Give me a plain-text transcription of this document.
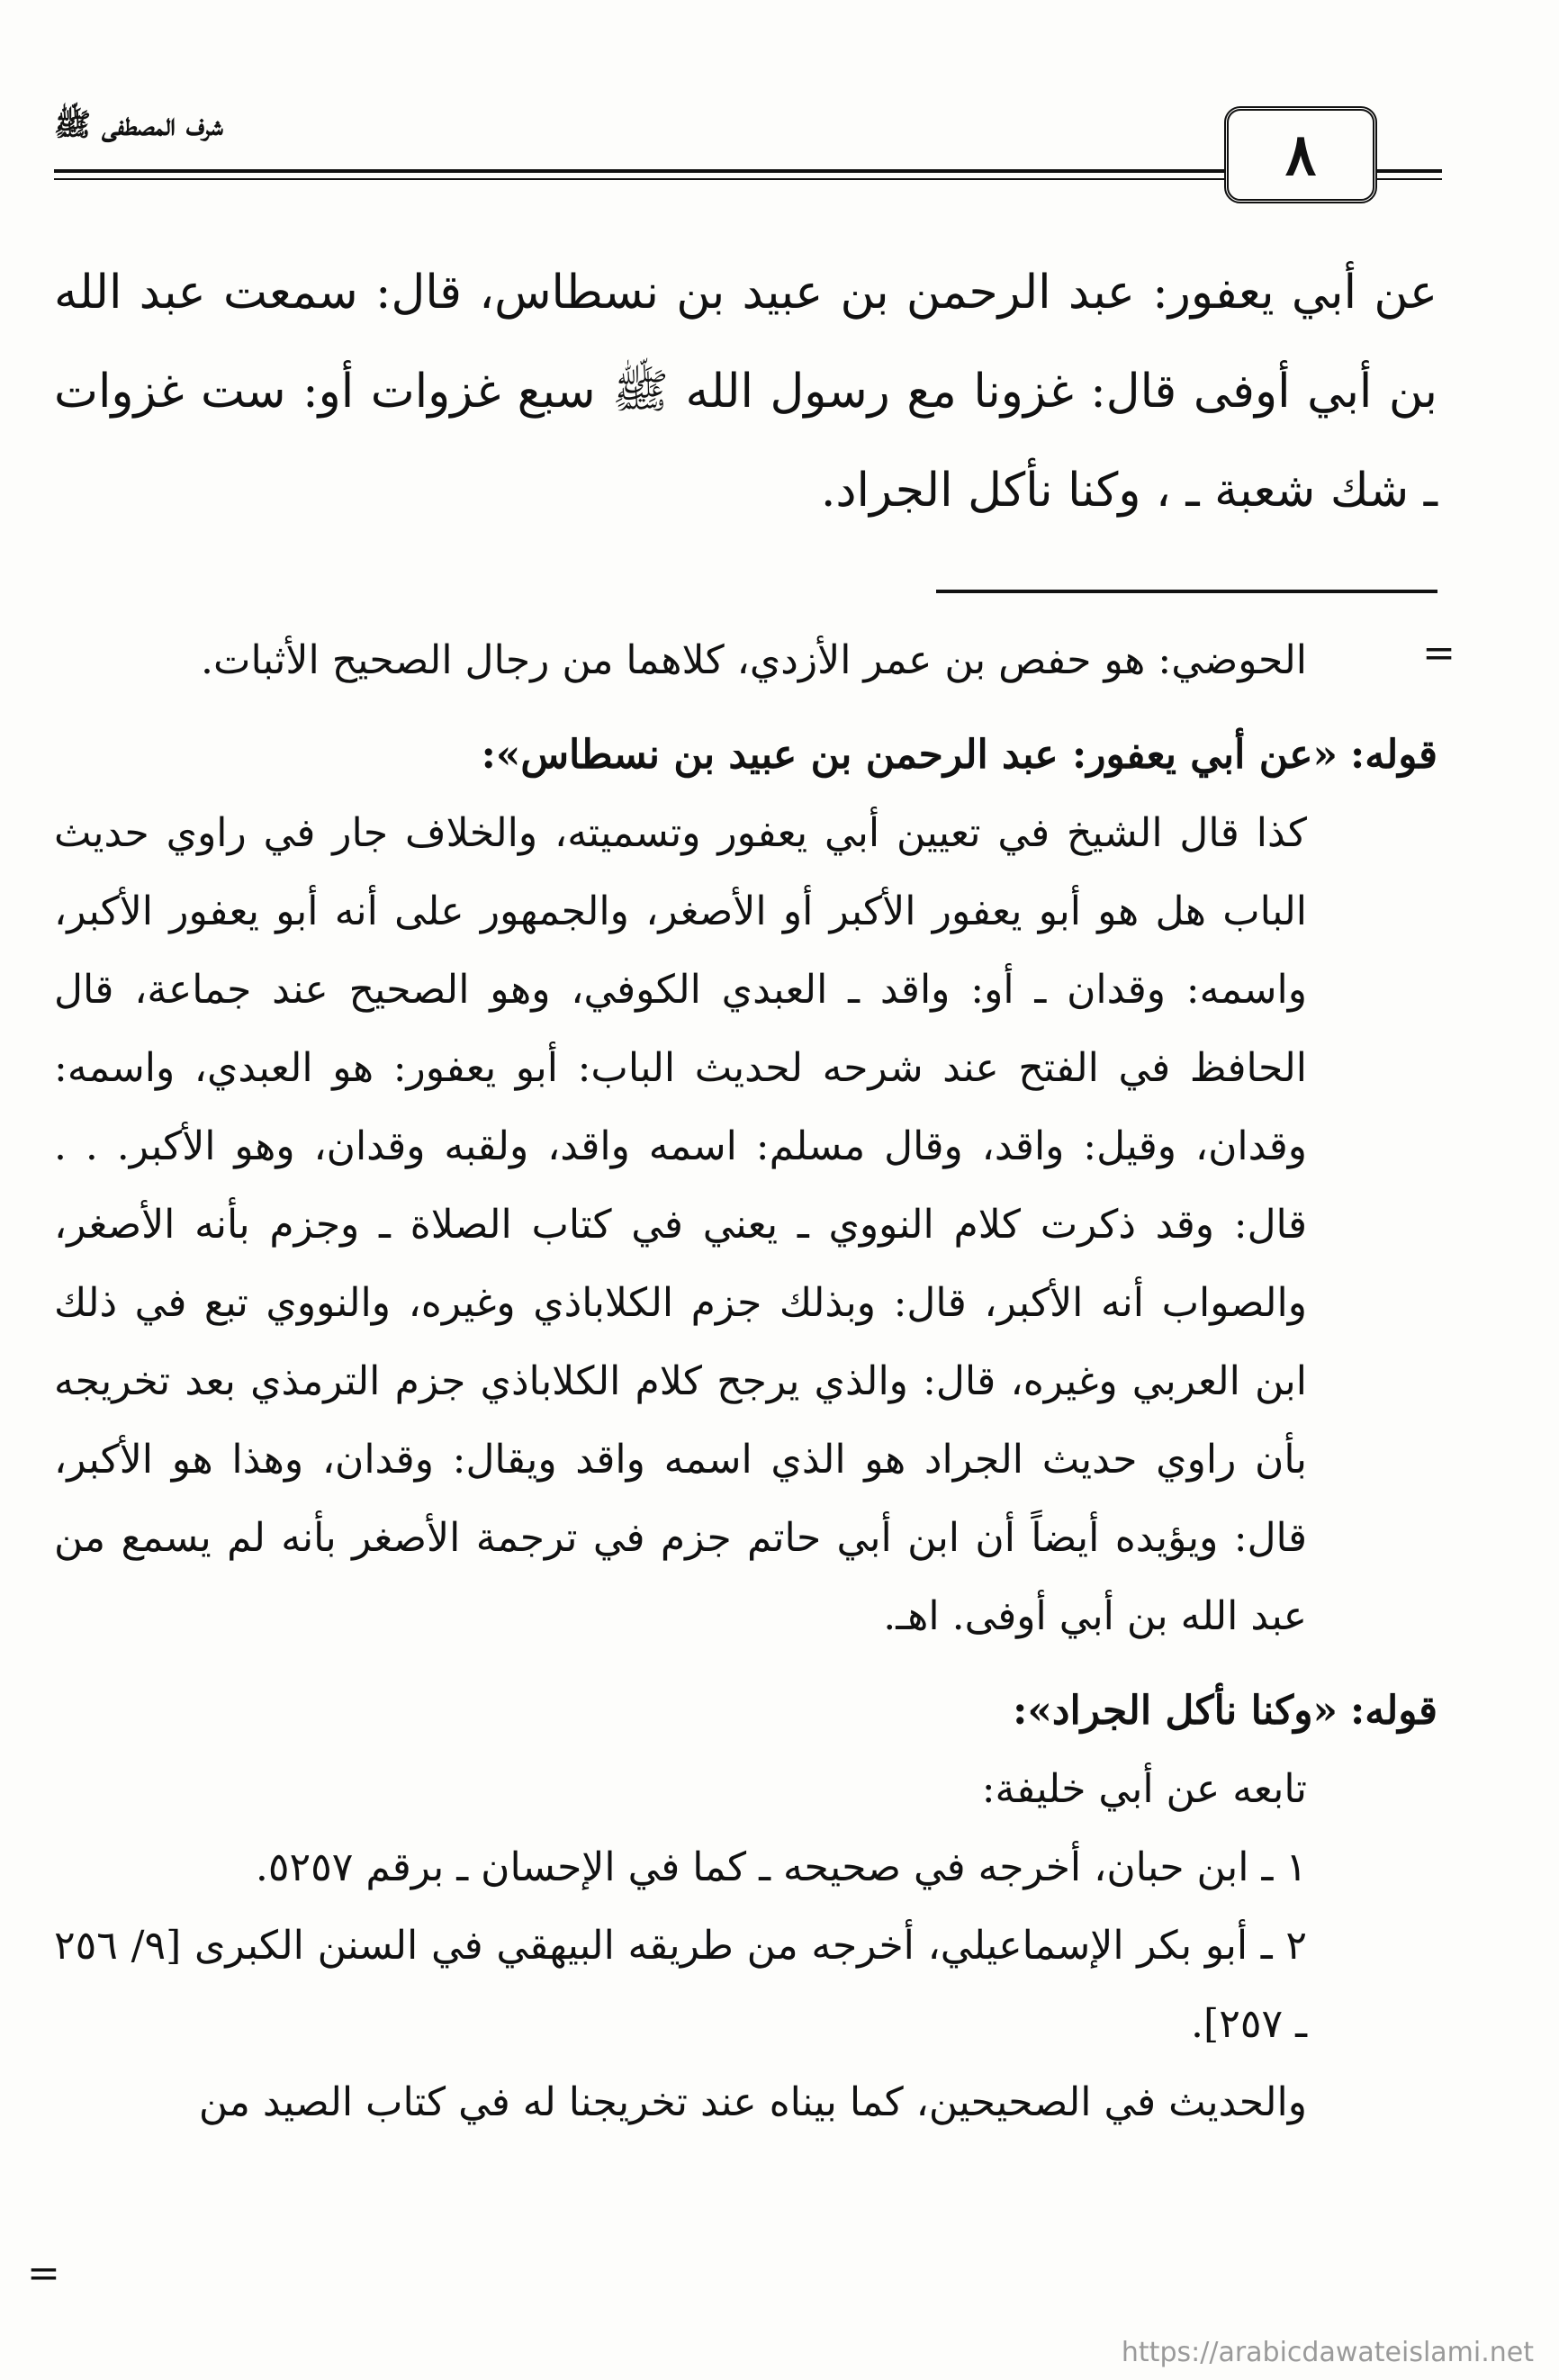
شرف المصطفى ﷺ	٨
عن أبي يعفور: عبد الرحمن بن عبيد بن نسطاس، قال: سمعت عبد الله بن أبي أوفى قال: غزونا مع رسول الله ﷺ سبع غزوات أو: ست غزوات ـ شك شعبة ـ ، وكنا نأكل الجراد.
=

الحوضي: هو حفص بن عمر الأزدي، كلاهما من رجال الصحيح الأثبات.

قوله: «عن أبي يعفور: عبد الرحمن بن عبيد بن نسطاس»:

كذا قال الشيخ في تعيين أبي يعفور وتسميته، والخلاف جار في راوي حديث الباب هل هو أبو يعفور الأكبر أو الأصغر، والجمهور على أنه أبو يعفور الأكبر، واسمه: وقدان ـ أو: واقد ـ العبدي الكوفي، وهو الصحيح عند جماعة، قال الحافظ في الفتح عند شرحه لحديث الباب: أبو يعفور: هو العبدي، واسمه: وقدان، وقيل: واقد، وقال مسلم: اسمه واقد، ولقبه وقدان، وهو الأكبر. . . قال: وقد ذكرت كلام النووي ـ يعني في كتاب الصلاة ـ وجزم بأنه الأصغر، والصواب أنه الأكبر، قال: وبذلك جزم الكلاباذي وغيره، والنووي تبع في ذلك ابن العربي وغيره، قال: والذي يرجح كلام الكلاباذي جزم الترمذي بعد تخريجه بأن راوي حديث الجراد هو الذي اسمه واقد ويقال: وقدان، وهذا هو الأكبر، قال: ويؤيده أيضاً أن ابن أبي حاتم جزم في ترجمة الأصغر بأنه لم يسمع من عبد الله بن أبي أوفى. اهـ.

قوله: «وكنا نأكل الجراد»:

تابعه عن أبي خليفة:

١ ـ ابن حبان، أخرجه في صحيحه ـ كما في الإحسان ـ برقم ٥٢٥٧.

٢ ـ أبو بكر الإسماعيلي، أخرجه من طريقه البيهقي في السنن الكبرى [٩/ ٢٥٦ ـ ٢٥٧].

والحديث في الصحيحين، كما بيناه عند تخريجنا له في كتاب الصيد من

=
https://arabicdawateislami.net
